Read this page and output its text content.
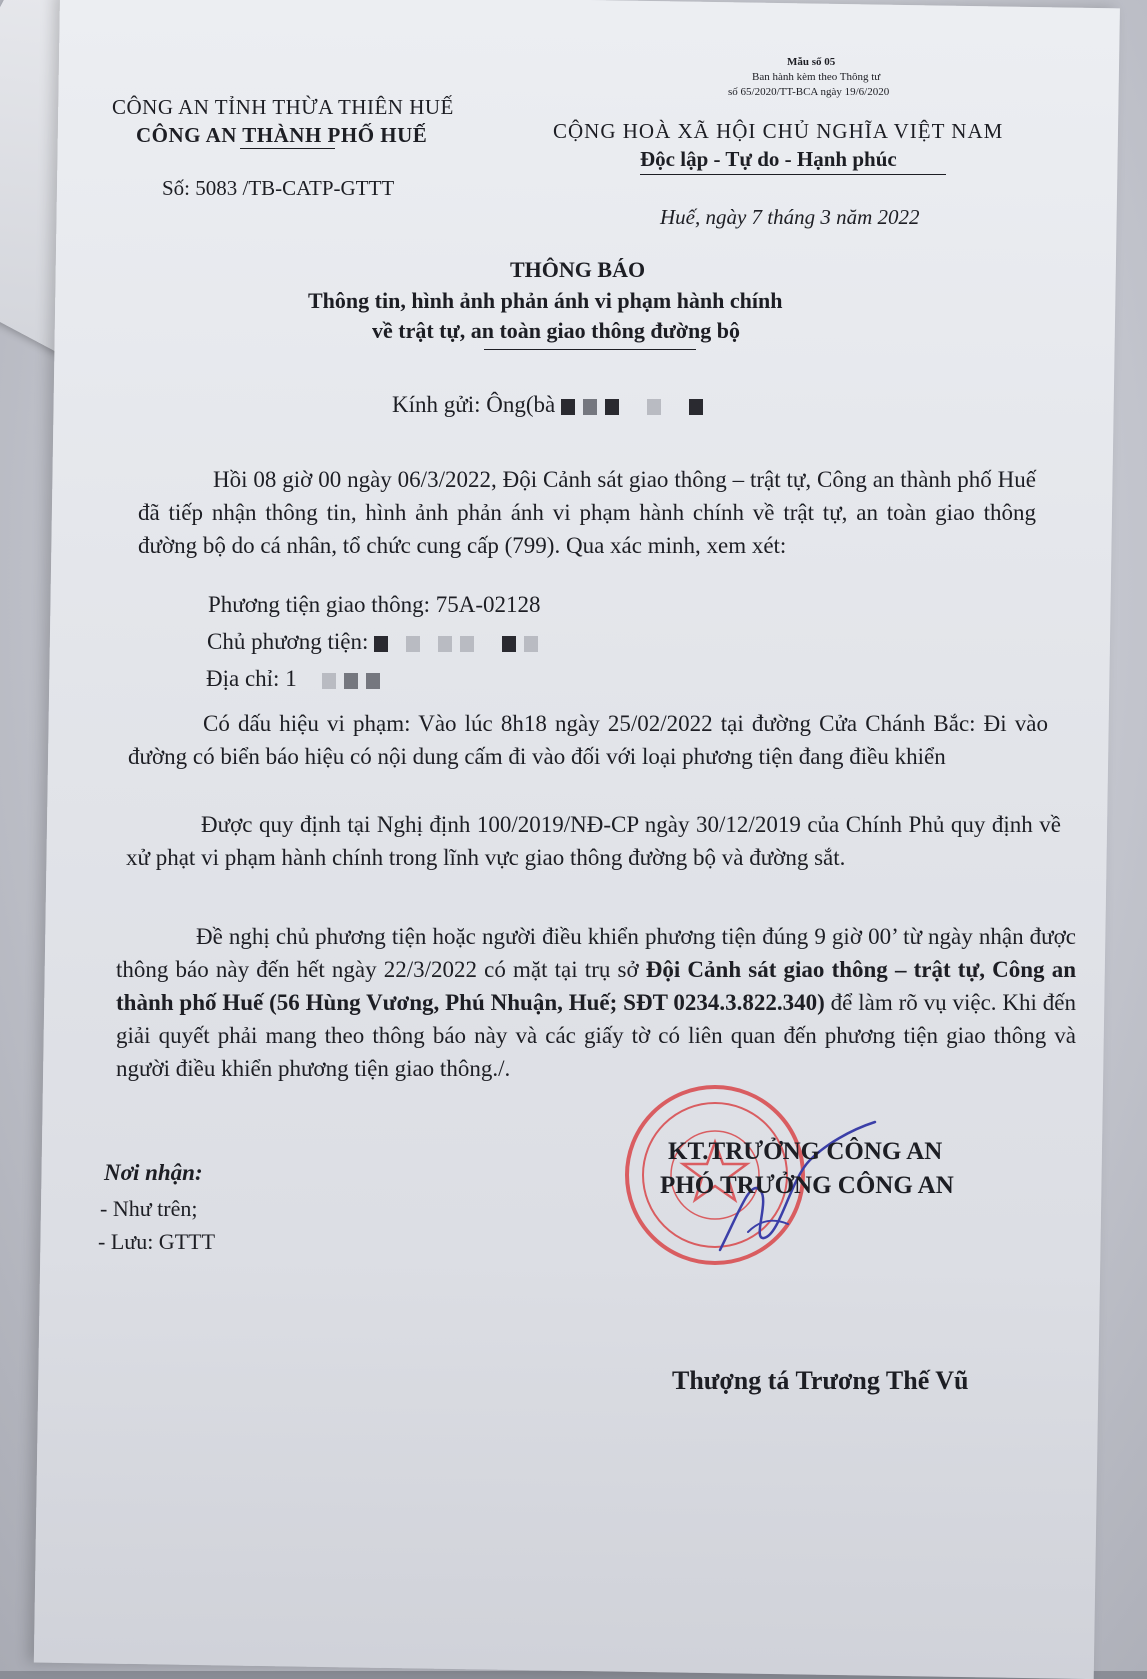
Mẫu số 05
Ban hành kèm theo Thông tư
số 65/2020/TT-BCA ngày 19/6/2020
CÔNG AN TỈNH THỪA THIÊN HUẾ
CÔNG AN THÀNH PHỐ HUẾ
Số: 5083 /TB-CATP-GTTT
CỘNG HOÀ XÃ HỘI CHỦ NGHĨA VIỆT NAM
Độc lập - Tự do - Hạnh phúc
Huế, ngày 7 tháng 3 năm 2022
THÔNG BÁO
Thông tin, hình ảnh phản ánh vi phạm hành chính
về trật tự, an toàn giao thông đường bộ
Kính gửi: Ông(bà
Hồi 08 giờ 00 ngày 06/3/2022, Đội Cảnh sát giao thông – trật tự, Công an thành phố Huế đã tiếp nhận thông tin, hình ảnh phản ánh vi phạm hành chính về trật tự, an toàn giao thông đường bộ do cá nhân, tổ chức cung cấp (799). Qua xác minh, xem xét:
Phương tiện giao thông: 75A-02128
Chủ phương tiện:
Địa chỉ: 1
Có dấu hiệu vi phạm: Vào lúc 8h18 ngày 25/02/2022 tại đường Cửa Chánh Bắc: Đi vào đường có biển báo hiệu có nội dung cấm đi vào đối với loại phương tiện đang điều khiển
Được quy định tại Nghị định 100/2019/NĐ-CP ngày 30/12/2019 của Chính Phủ quy định về xử phạt vi phạm hành chính trong lĩnh vực giao thông đường bộ và đường sắt.
Đề nghị chủ phương tiện hoặc người điều khiển phương tiện đúng 9 giờ 00’ từ ngày nhận được thông báo này đến hết ngày 22/3/2022 có mặt tại trụ sở Đội Cảnh sát giao thông – trật tự, Công an thành phố Huế (56 Hùng Vương, Phú Nhuận, Huế; SĐT 0234.3.822.340) để làm rõ vụ việc. Khi đến giải quyết phải mang theo thông báo này và các giấy tờ có liên quan đến phương tiện giao thông và người điều khiển phương tiện giao thông./.
Nơi nhận:
- Như trên;
- Lưu: GTTT
KT.TRƯỞNG CÔNG AN
PHÓ TRƯỞNG CÔNG AN
Thượng tá Trương Thế Vũ
